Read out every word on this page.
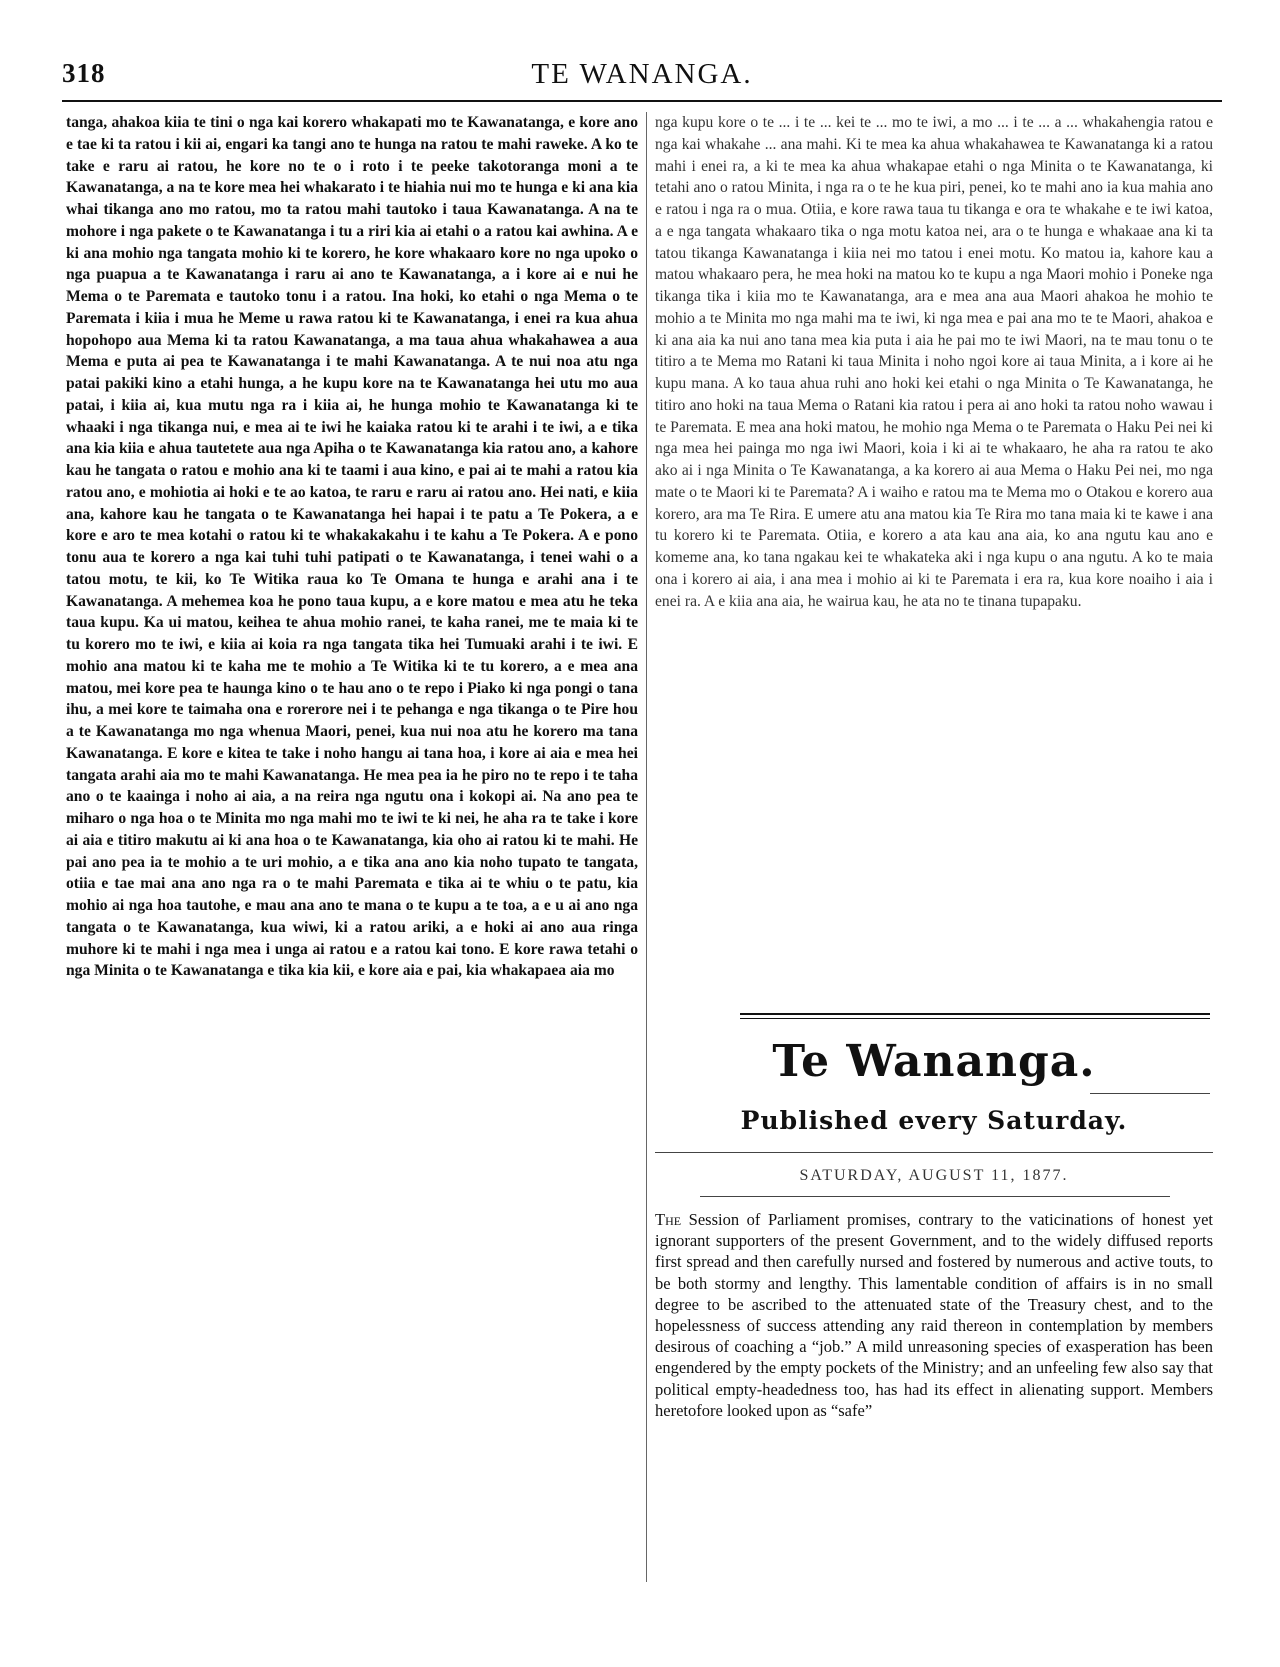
318	TE WANANGA.

tanga, ahakoa kiia te tini o nga kai korero whakapati mo te Kawanatanga, e kore ano e tae ki ta ratou i kii ai, engari ka tangi ano te hunga na ratou te mahi raweke. A ko te take e raru ai ratou, he kore no te o i roto i te peeke takotoranga moni a te Kawanatanga, a na te kore mea hei whakarato i te hiahia nui mo te hunga e ki ana kia whai tikanga ano mo ratou, mo ta ratou mahi tautoko i taua Kawanatanga. A na te mohore i nga pakete o te Kawanatanga i tu a riri kia ai etahi o a ratou kai awhina. A e ki ana mohio nga tangata mohio ki te korero, he kore whakaaro kore no nga upoko o nga puapua a te Kawanatanga i raru ai ano te Kawanatanga, a i kore ai e nui he Mema o te Paremata e tautoko tonu i a ratou. Ina hoki, ko etahi o nga Mema o te Paremata i kiia i mua he Meme u rawa ratou ki te Kawanatanga, i enei ra kua ahua hopohopo aua Mema ki ta ratou Kawanatanga, a ma taua ahua whakahawea a aua Mema e puta ai pea te Kawanatanga i te mahi Kawanatanga. A te nui noa atu nga patai pakiki kino a etahi hunga, a he kupu kore na te Kawanatanga hei utu mo aua patai, i kiia ai, kua mutu nga ra i kiia ai, he hunga mohio te Kawanatanga ki te whaaki i nga tikanga nui, e mea ai te iwi he kaiaka ratou ki te arahi i te iwi, a e tika ana kia kiia e ahua tautetete aua nga Apiha o te Kawanatanga kia ratou ano, a kahore kau he tangata o ratou e mohio ana ki te taami i aua kino, e pai ai te mahi a ratou kia ratou ano, e mohiotia ai hoki e te ao katoa, te raru e raru ai ratou ano. Hei nati, e kiia ana, kahore kau he tangata o te Kawanatanga hei hapai i te patu a Te Pokera, a e kore e aro te mea kotahi o ratou ki te whakakakahu i te kahu a Te Pokera. A e pono tonu aua te korero a nga kai tuhi tuhi patipati o te Kawanatanga, i tenei wahi o a tatou motu, te kii, ko Te Witika raua ko Te Omana te hunga e arahi ana i te Kawanatanga. A mehemea koa he pono taua kupu, a e kore matou e mea atu he teka taua kupu. Ka ui matou, keihea te ahua mohio ranei, te kaha ranei, me te maia ki te tu korero mo te iwi, e kiia ai koia ra nga tangata tika hei Tumuaki arahi i te iwi. E mohio ana matou ki te kaha me te mohio a Te Witika ki te tu korero, a e mea ana matou, mei kore pea te haunga kino o te hau ano o te repo i Piako ki nga pongi o tana ihu, a mei kore te taimaha ona e rorerore nei i te pehanga e nga tikanga o te Pire hou a te Kawanatanga mo nga whenua Maori, penei, kua nui noa atu he korero ma tana Kawanatanga. E kore e kitea te take i noho hangu ai tana hoa, i kore ai aia e mea hei tangata arahi aia mo te mahi Kawanatanga. He mea pea ia he piro no te repo i te taha ano o te kaainga i noho ai aia, a na reira nga ngutu ona i kokopi ai. Na ano pea te miharo o nga hoa o te Minita mo nga mahi mo te iwi te ki nei, he aha ra te take i kore ai aia e titiro makutu ai ki ana hoa o te Kawanatanga, kia oho ai ratou ki te mahi. He pai ano pea ia te mohio a te uri mohio, a e tika ana ano kia noho tupato te tangata, otiia e tae mai ana ano nga ra o te mahi Paremata e tika ai te whiu o te patu, kia mohio ai nga hoa tautohe, e mau ana ano te mana o te kupu a te toa, a e u ai ano nga tangata o te Kawanatanga, kua wiwi, ki a ratou ariki, a e hoki ai ano aua ringa muhore ki te mahi i nga mea i unga ai ratou e a ratou kai tono. E kore rawa tetahi o nga Minita o te Kawanatanga e tika kia kii, e kore aia e pai, kia whakapaea aia mo

nga kupu kore o te ... i te ... kei te ... mo te iwi, a mo ... i te ... a ... whakahengia ratou e nga kai whakahe ... ana mahi. Ki te mea ka ahua whakahawea te Kawanatanga ki a ratou mahi i enei ra, a ki te mea ka ahua whakapae etahi o nga Minita o te Kawanatanga, ki tetahi ano o ratou Minita, i nga ra o te he kua piri, penei, ko te mahi ano ia kua mahia ano e ratou i nga ra o mua. Otiia, e kore rawa taua tu tikanga e ora te whakahe e te iwi katoa, a e nga tangata whakaaro tika o nga motu katoa nei, ara o te hunga e whakaae ana ki ta tatou tikanga Kawanatanga i kiia nei mo tatou i enei motu. Ko matou ia, kahore kau a matou whakaaro pera, he mea hoki na matou ko te kupu a nga Maori mohio i Poneke nga tikanga tika i kiia mo te Kawanatanga, ara e mea ana aua Maori ahakoa he mohio te mohio a te Minita mo nga mahi ma te iwi, ki nga mea e pai ana mo te te Maori, ahakoa e ki ana aia ka nui ano tana mea kia puta i aia he pai mo te iwi Maori, na te mau tonu o te titiro a te Mema mo Ratani ki taua Minita i noho ngoi kore ai taua Minita, a i kore ai he kupu mana. A ko taua ahua ruhi ano hoki kei etahi o nga Minita o Te Kawanatanga, he titiro ano hoki na taua Mema o Ratani kia ratou i pera ai ano hoki ta ratou noho wawau i te Paremata. E mea ana hoki matou, he mohio nga Mema o te Paremata o Haku Pei nei ki nga mea hei painga mo nga iwi Maori, koia i ki ai te whakaaro, he aha ra ratou te ako ako ai i nga Minita o Te Kawanatanga, a ka korero ai aua Mema o Haku Pei nei, mo nga mate o te Maori ki te Paremata? A i waiho e ratou ma te Mema mo o Otakou e korero aua korero, ara ma Te Rira. E umere atu ana matou kia Te Rira mo tana maia ki te kawe i ana tu korero ki te Paremata. Otiia, e korero a ata kau ana aia, ko ana ngutu kau ano e komeme ana, ko tana ngakau kei te whakateka aki i nga kupu o ana ngutu. A ko te maia ona i korero ai aia, i ana mea i mohio ai ki te Paremata i era ra, kua kore noaiho i aia i enei ra. A e kiia ana aia, he wairua kau, he ata no te tinana tupapaku.

Te Wananga.
Published every Saturday.
SATURDAY, AUGUST 11, 1877.

The Session of Parliament promises, contrary to the vaticinations of honest yet ignorant supporters of the present Government, and to the widely diffused reports first spread and then carefully nursed and fostered by numerous and active touts, to be both stormy and lengthy. This lamentable condition of affairs is in no small degree to be ascribed to the attenuated state of the Treasury chest, and to the hopelessness of success attending any raid thereon in contemplation by members desirous of coaching a “job.” A mild unreasoning species of exasperation has been engendered by the empty pockets of the Ministry; and an unfeeling few also say that political empty-headedness too, has had its effect in alienating support. Members heretofore looked upon as “safe”
